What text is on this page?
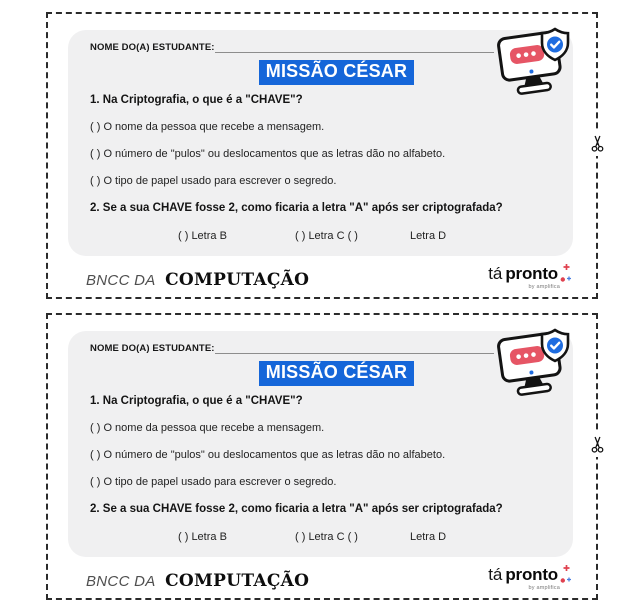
NOME DO(A) ESTUDANTE:
MISSÃO CÉSAR
1. Na Criptografia, o que é a "CHAVE"?
( ) O nome da pessoa que recebe a mensagem.
( ) O número de "pulos" ou deslocamentos que as letras dão no alfabeto.
( ) O tipo de papel usado para escrever o segredo.
2. Se a sua CHAVE fosse 2, como ficaria a letra "A" após ser criptografada?
( ) Letra B	( ) Letra C ( )	Letra D
BNCC DA COMPUTAÇÃO	tá pronto
by amplifica
NOME DO(A) ESTUDANTE:
MISSÃO CÉSAR
1. Na Criptografia, o que é a "CHAVE"?
( ) O nome da pessoa que recebe a mensagem.
( ) O número de "pulos" ou deslocamentos que as letras dão no alfabeto.
( ) O tipo de papel usado para escrever o segredo.
2. Se a sua CHAVE fosse 2, como ficaria a letra "A" após ser criptografada?
( ) Letra B	( ) Letra C ( )	Letra D
BNCC DA COMPUTAÇÃO	tá pronto
by amplifica
